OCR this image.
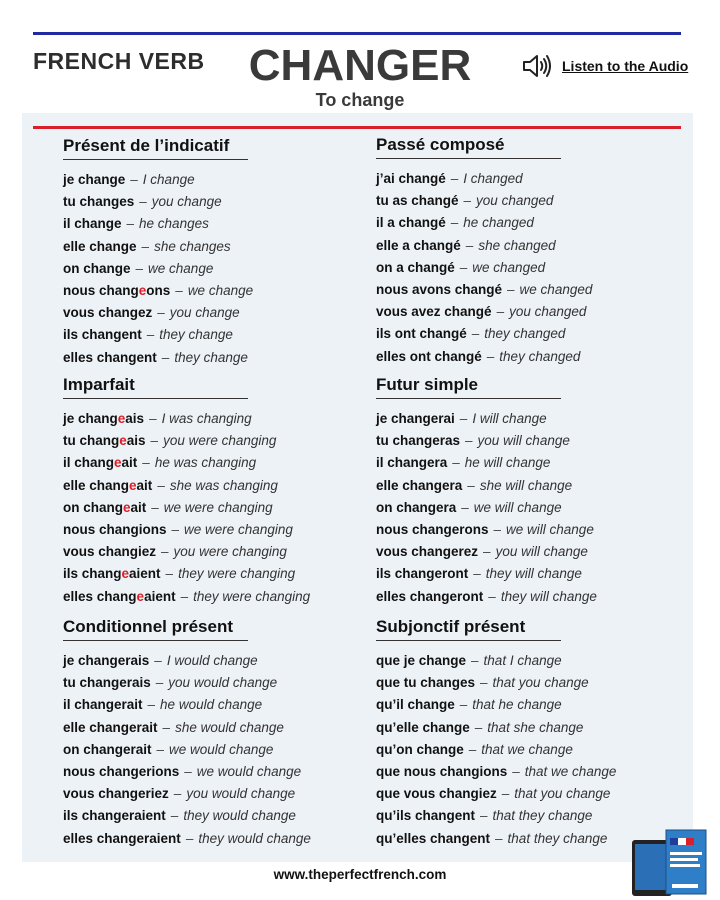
FRENCH VERB	CHANGER
To change
Listen to the Audio
Présent de l’indicatif
je change – I change
tu changes – you change
il change – he changes
elle change – she changes
on change – we change
nous changeons – we change
vous changez – you change
ils changent – they change
elles changent – they change
Imparfait
je changeais – I was changing
tu changeais – you were changing
il changeait – he was changing
elle changeait – she was changing
on changeait – we were changing
nous changions – we were changing
vous changiez – you were changing
ils changeaient – they were changing
elles changeaient – they were changing
Conditionnel présent
je changerais – I would change
tu changerais – you would change
il changerait – he would change
elle changerait – she would change
on changerait – we would change
nous changerions – we would change
vous changeriez – you would change
ils changeraient – they would change
elles changeraient – they would change
Passé composé
j’ai changé – I changed
tu as changé – you changed
il a changé – he changed
elle a changé – she changed
on a changé – we changed
nous avons changé – we changed
vous avez changé – you changed
ils ont changé – they changed
elles ont changé – they changed
Futur simple
je changerai – I will change
tu changeras – you will change
il changera – he will change
elle changera – she will change
on changera – we will change
nous changerons – we will change
vous changerez – you will change
ils changeront – they will change
elles changeront – they will change
Subjonctif présent
que je change – that I change
que tu changes – that you change
qu’il change – that he change
qu’elle change – that she change
qu’on change – that we change
que nous changions – that we change
que vous changiez – that you change
qu’ils changent – that they change
qu’elles changent – that they change
www.theperfectfrench.com
